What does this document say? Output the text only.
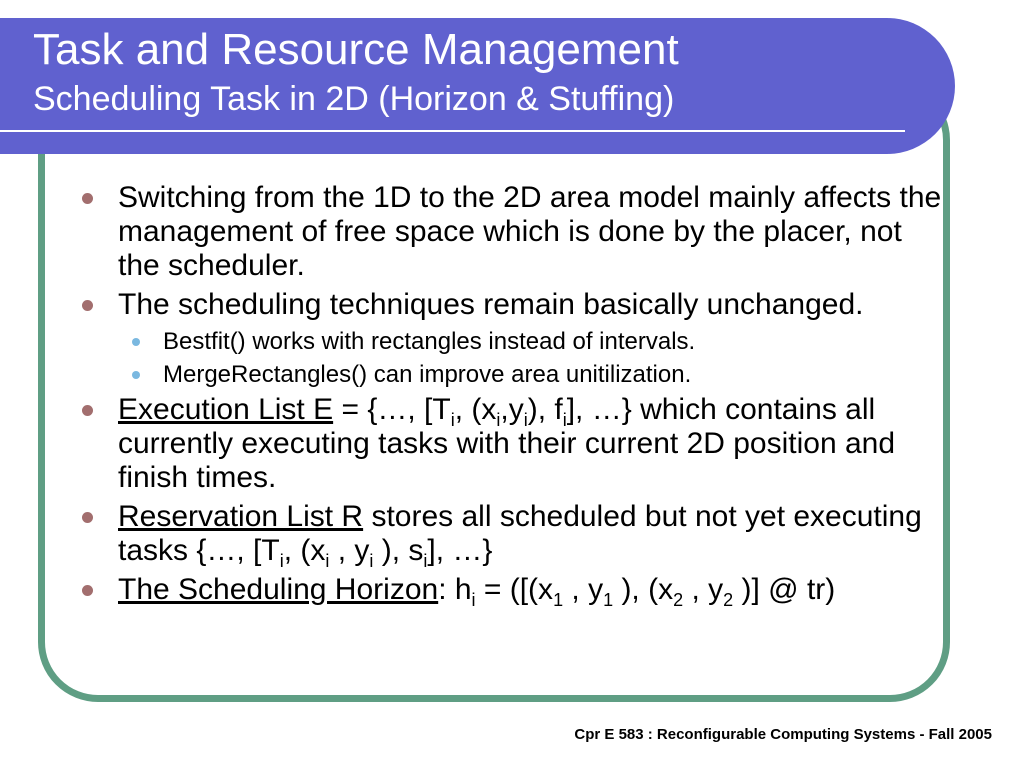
Task and Resource Management
Scheduling Task in 2D (Horizon & Stuffing)
Switching from the 1D to the 2D area model mainly affects the management of free space which is done by the placer, not the scheduler.
The scheduling techniques remain basically unchanged.
Bestfit() works with rectangles instead of intervals.
MergeRectangles() can improve area unitilization.
Execution List E = {…, [$T_i$, $(x_i,y_i)$, $f_i$], …} which contains all currently executing tasks with their current 2D position and finish times.
Reservation List R stores all scheduled but not yet executing tasks {…, [$T_i$, ($x_i$ , $y_i$ ), $s_i$], …}
The Scheduling Horizon: $h_i = ([(x_1$ , $y_1$ ), ($x_2$ , $y_2$ )] @ tr)
Cpr E 583 : Reconfigurable Computing Systems - Fall 2005
